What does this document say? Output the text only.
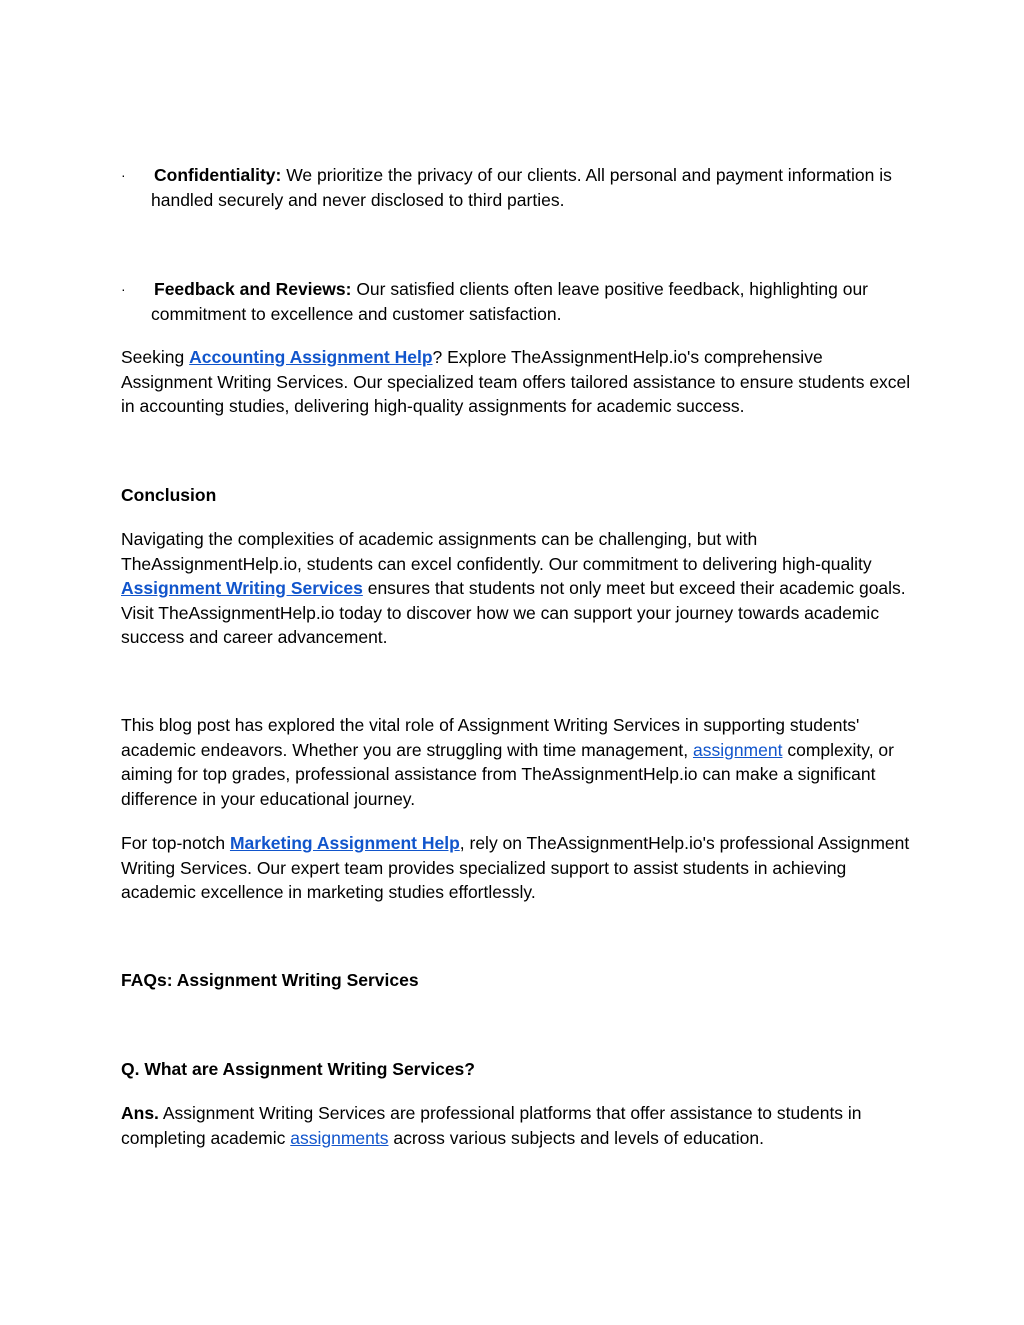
·	Confidentiality: We prioritize the privacy of our clients. All personal and payment information is handled securely and never disclosed to third parties.
·	Feedback and Reviews: Our satisfied clients often leave positive feedback, highlighting our commitment to excellence and customer satisfaction.

Seeking Accounting Assignment Help? Explore TheAssignmentHelp.io's comprehensive Assignment Writing Services. Our specialized team offers tailored assistance to ensure students excel in accounting studies, delivering high-quality assignments for academic success.

Conclusion

Navigating the complexities of academic assignments can be challenging, but with TheAssignmentHelp.io, students can excel confidently. Our commitment to delivering high-quality Assignment Writing Services ensures that students not only meet but exceed their academic goals. Visit TheAssignmentHelp.io today to discover how we can support your journey towards academic success and career advancement.

This blog post has explored the vital role of Assignment Writing Services in supporting students' academic endeavors. Whether you are struggling with time management, assignment complexity, or aiming for top grades, professional assistance from TheAssignmentHelp.io can make a significant difference in your educational journey.

For top-notch Marketing Assignment Help, rely on TheAssignmentHelp.io's professional Assignment Writing Services. Our expert team provides specialized support to assist students in achieving academic excellence in marketing studies effortlessly.

FAQs: Assignment Writing Services
Q. What are Assignment Writing Services?

Ans. Assignment Writing Services are professional platforms that offer assistance to students in completing academic assignments across various subjects and levels of education.
